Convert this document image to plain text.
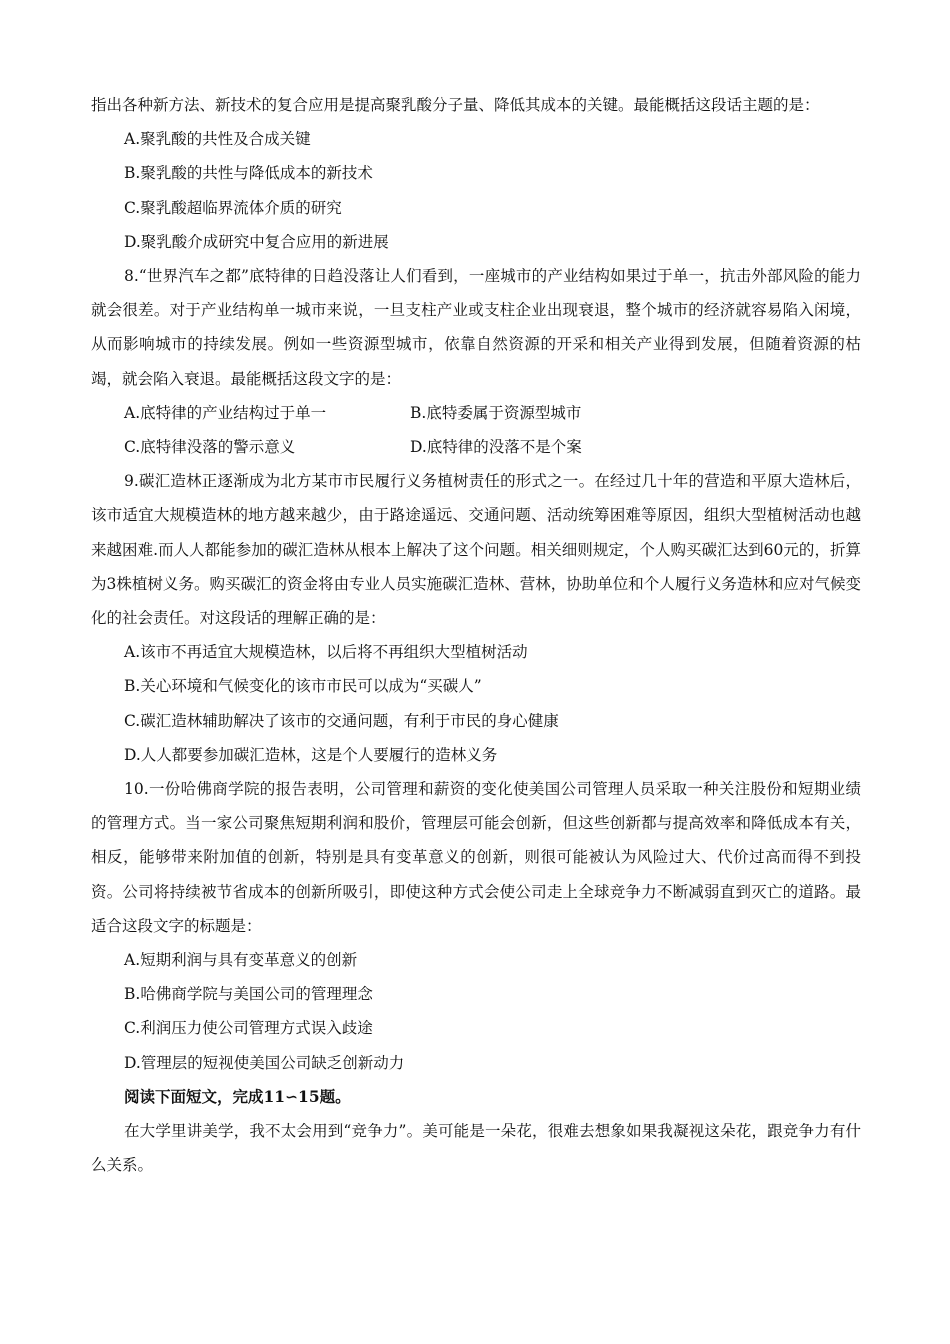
指出各种新方法、新技术的复合应用是提高聚乳酸分子量、降低其成本的关键。最能概括这段话主题的是：

A.聚乳酸的共性及合成关键

B.聚乳酸的共性与降低成本的新技术

C.聚乳酸超临界流体介质的研究

D.聚乳酸介成研究中复合应用的新进展

8.“世界汽车之都”底特律的日趋没落让人们看到，一座城市的产业结构如果过于单一，抗击外部风险的能力就会很差。对于产业结构单一城市来说，一旦支柱产业或支柱企业出现衰退，整个城市的经济就容易陷入闲境，从而影响城市的持续发展。例如一些资源型城市，依靠自然资源的开采和相关产业得到发展，但随着资源的枯竭，就会陷入衰退。最能概括这段文字的是：

A.底特律的产业结构过于单一	B.底特委属于资源型城市
C.底特律没落的警示意义	D.底特律的没落不是个案

9.碳汇造林正逐渐成为北方某市市民履行义务植树责任的形式之一。在经过几十年的营造和平原大造林后，该市适宜大规模造林的地方越来越少，由于路途遥远、交通问题、活动统筹困难等原因，组织大型植树活动也越来越困难.而人人都能参加的碳汇造林从根本上解决了这个问题。相关细则规定，个人购买碳汇达到60元的，折算为3株植树义务。购买碳汇的资金将由专业人员实施碳汇造林、营林，协助单位和个人履行义务造林和应对气候变化的社会责任。对这段话的理解正确的是：

A.该市不再适宜大规模造林，以后将不再组织大型植树活动

B.关心环境和气候变化的该市市民可以成为“买碳人”

C.碳汇造林辅助解决了该市的交通问题，有利于市民的身心健康

D.人人都要参加碳汇造林，这是个人要履行的造林义务

10.一份哈佛商学院的报告表明，公司管理和薪资的变化使美国公司管理人员采取一种关注股份和短期业绩的管理方式。当一家公司聚焦短期利润和股价，管理层可能会创新，但这些创新都与提高效率和降低成本有关，相反，能够带来附加值的创新，特别是具有变革意义的创新，则很可能被认为风险过大、代价过高而得不到投资。公司将持续被节省成本的创新所吸引，即使这种方式会使公司走上全球竞争力不断减弱直到灭亡的道路。最适合这段文字的标题是：

A.短期利润与具有变革意义的创新

B.哈佛商学院与美国公司的管理理念

C.利润压力使公司管理方式误入歧途

D.管理层的短视使美国公司缺乏创新动力

阅读下面短文，完成11∽15题。

在大学里讲美学，我不太会用到“竞争力”。美可能是一朵花，很难去想象如果我凝视这朵花，跟竞争力有什么关系。
